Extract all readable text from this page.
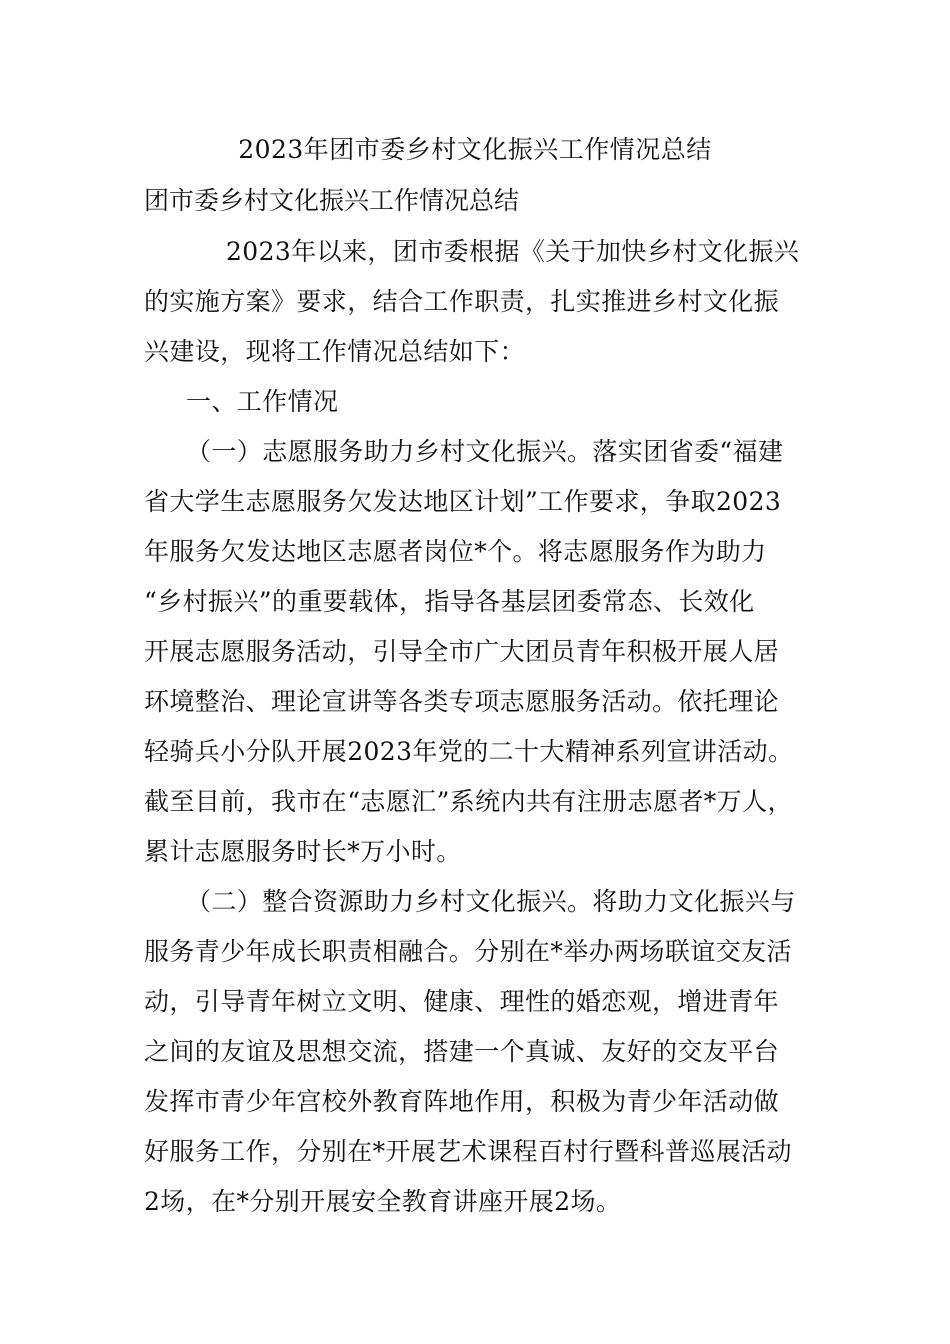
2023年团市委乡村文化振兴工作情况总结
团市委乡村文化振兴工作情况总结
2023年以来，团市委根据《关于加快乡村文化振兴
的实施方案》要求，结合工作职责，扎实推进乡村文化振
兴建设，现将工作情况总结如下：
一、工作情况
（一）志愿服务助力乡村文化振兴。落实团省委“福建
省大学生志愿服务欠发达地区计划”工作要求，争取2023
年服务欠发达地区志愿者岗位*个。将志愿服务作为助力
“乡村振兴”的重要载体，指导各基层团委常态、长效化
开展志愿服务活动，引导全市广大团员青年积极开展人居
环境整治、理论宣讲等各类专项志愿服务活动。依托理论
轻骑兵小分队开展2023年党的二十大精神系列宣讲活动。
截至目前，我市在“志愿汇”系统内共有注册志愿者*万人，
累计志愿服务时长*万小时。
（二）整合资源助力乡村文化振兴。将助力文化振兴与
服务青少年成长职责相融合。分别在*举办两场联谊交友活
动，引导青年树立文明、健康、理性的婚恋观，增进青年
之间的友谊及思想交流，搭建一个真诚、友好的交友平台
发挥市青少年宫校外教育阵地作用，积极为青少年活动做
好服务工作，分别在*开展艺术课程百村行暨科普巡展活动
2场，在*分别开展安全教育讲座开展2场。
